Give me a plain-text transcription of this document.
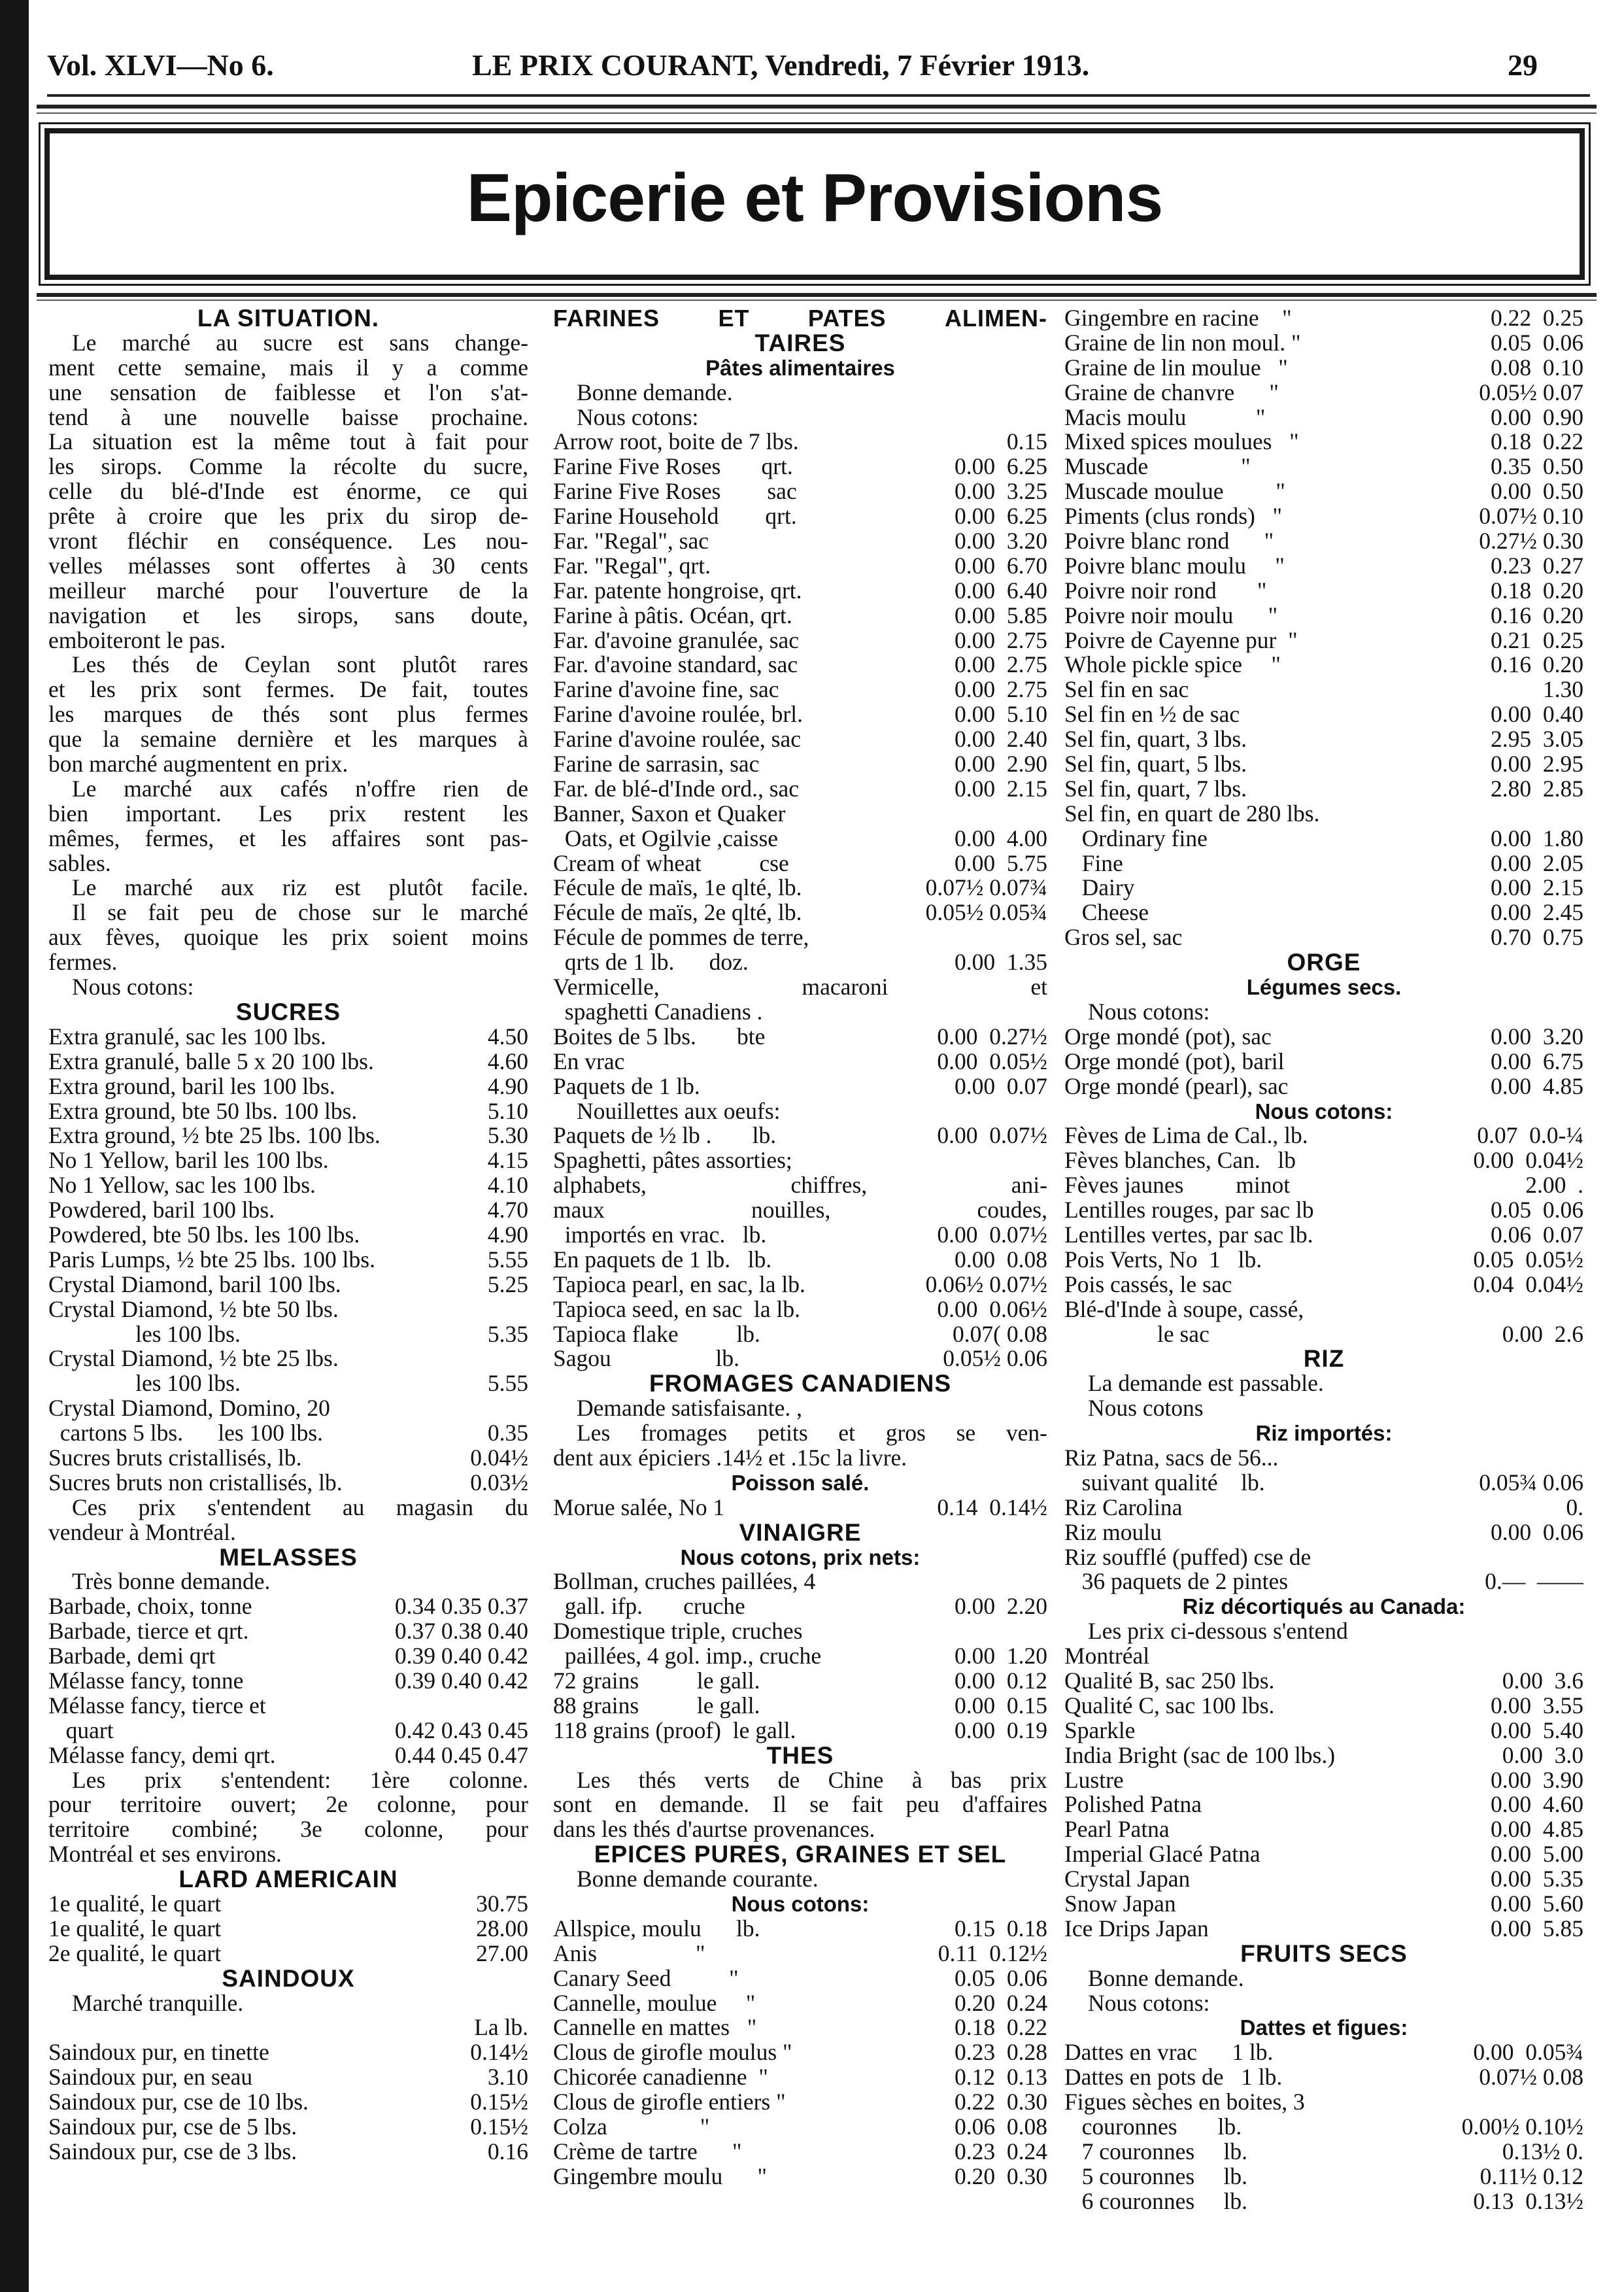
Vol. XLVI—No 6.	LE PRIX COURANT, Vendredi, 7 Février 1913.	29
Epicerie et Provisions
LA SITUATION.
Le marché au sucre est sans change-
ment cette semaine, mais il y a comme
une sensation de faiblesse et l'on s'at-
tend à une nouvelle baisse prochaine.
La situation est la même tout à fait pour
les sirops. Comme la récolte du sucre,
celle du blé-d'Inde est énorme, ce qui
prête à croire que les prix du sirop de-
vront fléchir en conséquence. Les nou-
velles mélasses sont offertes à 30 cents
meilleur marché pour l'ouverture de la
navigation et les sirops, sans doute,
emboiteront le pas.
Les thés de Ceylan sont plutôt rares
et les prix sont fermes. De fait, toutes
les marques de thés sont plus fermes
que la semaine dernière et les marques à
bon marché augmentent en prix.
Le marché aux cafés n'offre rien de
bien important. Les prix restent les
mêmes, fermes, et les affaires sont pas-
sables.
Le marché aux riz est plutôt facile.
Il se fait peu de chose sur le marché
aux fèves, quoique les prix soient moins
fermes.
Nous cotons:
SUCRES
Extra granulé, sac les 100 lbs.	4.50
Extra granulé, balle 5 x 20 100 lbs.	4.60
Extra ground, baril les 100 lbs.	4.90
Extra ground, bte 50 lbs. 100 lbs.	5.10
Extra ground, ½ bte 25 lbs. 100 lbs.	5.30
No 1 Yellow, baril les 100 lbs.	4.15
No 1 Yellow, sac les 100 lbs.	4.10
Powdered, baril 100 lbs.	4.70
Powdered, bte 50 lbs. les 100 lbs.	4.90
Paris Lumps, ½ bte 25 lbs. 100 lbs.	5.55
Crystal Diamond, baril 100 lbs.	5.25
Crystal Diamond, ½ bte 50 lbs.
les 100 lbs.	5.35
Crystal Diamond, ½ bte 25 lbs.
les 100 lbs.	5.55
Crystal Diamond, Domino, 20
cartons 5 lbs.      les 100 lbs.	0.35
Sucres bruts cristallisés, lb.	0.04½
Sucres bruts non cristallisés, lb.	0.03½
Ces prix s'entendent au magasin du
vendeur à Montréal.
MELASSES
Très bonne demande.
Barbade, choix, tonne	0.34 0.35 0.37
Barbade, tierce et qrt.	0.37 0.38 0.40
Barbade, demi qrt	0.39 0.40 0.42
Mélasse fancy, tonne	0.39 0.40 0.42
Mélasse fancy, tierce et
quart	0.42 0.43 0.45
Mélasse fancy, demi qrt.	0.44 0.45 0.47
Les prix s'entendent: 1ère colonne.
pour territoire ouvert; 2e colonne, pour
territoire combiné; 3e colonne, pour
Montréal et ses environs.
LARD AMERICAIN
1e qualité, le quart	30.75
1e qualité, le quart	28.00
2e qualité, le quart	27.00
SAINDOUX
Marché tranquille.
La lb.
Saindoux pur, en tinette	0.14½
Saindoux pur, en seau	3.10
Saindoux pur, cse de 10 lbs.	0.15½
Saindoux pur, cse de 5 lbs.	0.15½
Saindoux pur, cse de 3 lbs.	0.16
FARINES ET PATES ALIMEN-
TAIRES
Pâtes alimentaires
Bonne demande.
Nous cotons:
Arrow root, boite de 7 lbs.	0.15
Farine Five Roses       qrt.	0.00  6.25
Farine Five Roses        sac	0.00  3.25
Farine Household        qrt.	0.00  6.25
Far. "Regal", sac	0.00  3.20
Far. "Regal", qrt.	0.00  6.70
Far. patente hongroise, qrt.	0.00  6.40
Farine à pâtis. Océan, qrt.	0.00  5.85
Far. d'avoine granulée, sac	0.00  2.75
Far. d'avoine standard, sac	0.00  2.75
Farine d'avoine fine, sac	0.00  2.75
Farine d'avoine roulée, brl.	0.00  5.10
Farine d'avoine roulée, sac	0.00  2.40
Farine de sarrasin, sac	0.00  2.90
Far. de blé-d'Inde ord., sac	0.00  2.15
Banner, Saxon et Quaker
Oats, et Ogilvie ,caisse	0.00  4.00
Cream of wheat          cse	0.00  5.75
Fécule de maïs, 1e qlté, lb.	0.07½ 0.07¾
Fécule de maïs, 2e qlté, lb.	0.05½ 0.05¾
Fécule de pommes de terre,
qrts de 1 lb.      doz.	0.00  1.35
Vermicelle,	macaroni	et
spaghetti Canadiens .
Boites de 5 lbs.       bte	0.00  0.27½
En vrac	0.00  0.05½
Paquets de 1 lb.	0.00  0.07
Nouillettes aux oeufs:
Paquets de ½ lb .       lb.	0.00  0.07½
Spaghetti, pâtes assorties;
alphabets,	chiffres,	ani-
maux	nouilles,	coudes,
importés en vrac.   lb.	0.00  0.07½
En paquets de 1 lb.   lb.	0.00  0.08
Tapioca pearl, en sac, la lb.	0.06½ 0.07½
Tapioca seed, en sac  la lb.	0.00  0.06½
Tapioca flake          lb.	0.07( 0.08
Sagou                  lb.	0.05½ 0.06
FROMAGES CANADIENS
Demande satisfaisante. ,
Les fromages petits et gros se ven-
dent aux épiciers .14½ et .15c la livre.
Poisson salé.
Morue salée, No 1	0.14  0.14½
VINAIGRE
Nous cotons, prix nets:
Bollman, cruches paillées, 4
gall. ifp.       cruche	0.00  2.20
Domestique triple, cruches
paillées, 4 gol. imp., cruche	0.00  1.20
72 grains          le gall.	0.00  0.12
88 grains          le gall.	0.00  0.15
118 grains (proof)  le gall.	0.00  0.19
THES
Les thés verts de Chine à bas prix
sont en demande. Il se fait peu d'affaires
dans les thés d'aurtse provenances.
EPICES PURES, GRAINES ET SEL
Bonne demande courante.
Nous cotons:
Allspice, moulu      lb.	0.15  0.18
Anis                 "	0.11  0.12½
Canary Seed          "	0.05  0.06
Cannelle, moulue     "	0.20  0.24
Cannelle en mattes   "	0.18  0.22
Clous de girofle moulus "	0.23  0.28
Chicorée canadienne  "	0.12  0.13
Clous de girofle entiers "	0.22  0.30
Colza                "	0.06  0.08
Crème de tartre      "	0.23  0.24
Gingembre moulu      "	0.20  0.30
Gingembre en racine    "	0.22  0.25
Graine de lin non moul. "	0.05  0.06
Graine de lin moulue   "	0.08  0.10
Graine de chanvre      "	0.05½ 0.07
Macis moulu            "	0.00  0.90
Mixed spices moulues   "	0.18  0.22
Muscade                "	0.35  0.50
Muscade moulue         "	0.00  0.50
Piments (clus ronds)   "	0.07½ 0.10
Poivre blanc rond      "	0.27½ 0.30
Poivre blanc moulu     "	0.23  0.27
Poivre noir rond       "	0.18  0.20
Poivre noir moulu      "	0.16  0.20
Poivre de Cayenne pur  "	0.21  0.25
Whole pickle spice     "	0.16  0.20
Sel fin en sac	1.30
Sel fin en ½ de sac	0.00  0.40
Sel fin, quart, 3 lbs.	2.95  3.05
Sel fin, quart, 5 lbs.	0.00  2.95
Sel fin, quart, 7 lbs.	2.80  2.85
Sel fin, en quart de 280 lbs.
Ordinary fine	0.00  1.80
Fine	0.00  2.05
Dairy	0.00  2.15
Cheese	0.00  2.45
Gros sel, sac	0.70  0.75
ORGE
Légumes secs.
Nous cotons:
Orge mondé (pot), sac	0.00  3.20
Orge mondé (pot), baril	0.00  6.75
Orge mondé (pearl), sac	0.00  4.85
Nous cotons:
Fèves de Lima de Cal., lb.	0.07  0.0-¼
Fèves blanches, Can.   lb	0.00  0.04½
Fèves jaunes         minot	2.00  .
Lentilles rouges, par sac lb	0.05  0.06
Lentilles vertes, par sac lb.	0.06  0.07
Pois Verts, No  1   lb.	0.05  0.05½
Pois cassés, le sac	0.04  0.04½
Blé-d'Inde à soupe, cassé,
le sac	0.00  2.6
RIZ
La demande est passable.
Nous cotons
Riz importés:
Riz Patna, sacs de 56...
suivant qualité    lb.	0.05¾ 0.06
Riz Carolina	0.
Riz moulu	0.00  0.06
Riz soufflé (puffed) cse de
36 paquets de 2 pintes	0.—  ——
Riz décortiqués au Canada:
Les prix ci-dessous s'entend
Montréal
Qualité B, sac 250 lbs.	0.00  3.6
Qualité C, sac 100 lbs.	0.00  3.55
Sparkle	0.00  5.40
India Bright (sac de 100 lbs.)	0.00  3.0
Lustre	0.00  3.90
Polished Patna	0.00  4.60
Pearl Patna	0.00  4.85
Imperial Glacé Patna	0.00  5.00
Crystal Japan	0.00  5.35
Snow Japan	0.00  5.60
Ice Drips Japan	0.00  5.85
FRUITS SECS
Bonne demande.
Nous cotons:
Dattes et figues:
Dattes en vrac      1 lb.	0.00  0.05¾
Dattes en pots de   1 lb.	0.07½ 0.08
Figues sèches en boites, 3
couronnes       lb.	0.00½ 0.10½
7 couronnes     lb.	0.13½ 0.
5 couronnes     lb.	0.11½ 0.12
6 couronnes     lb.	0.13  0.13½
